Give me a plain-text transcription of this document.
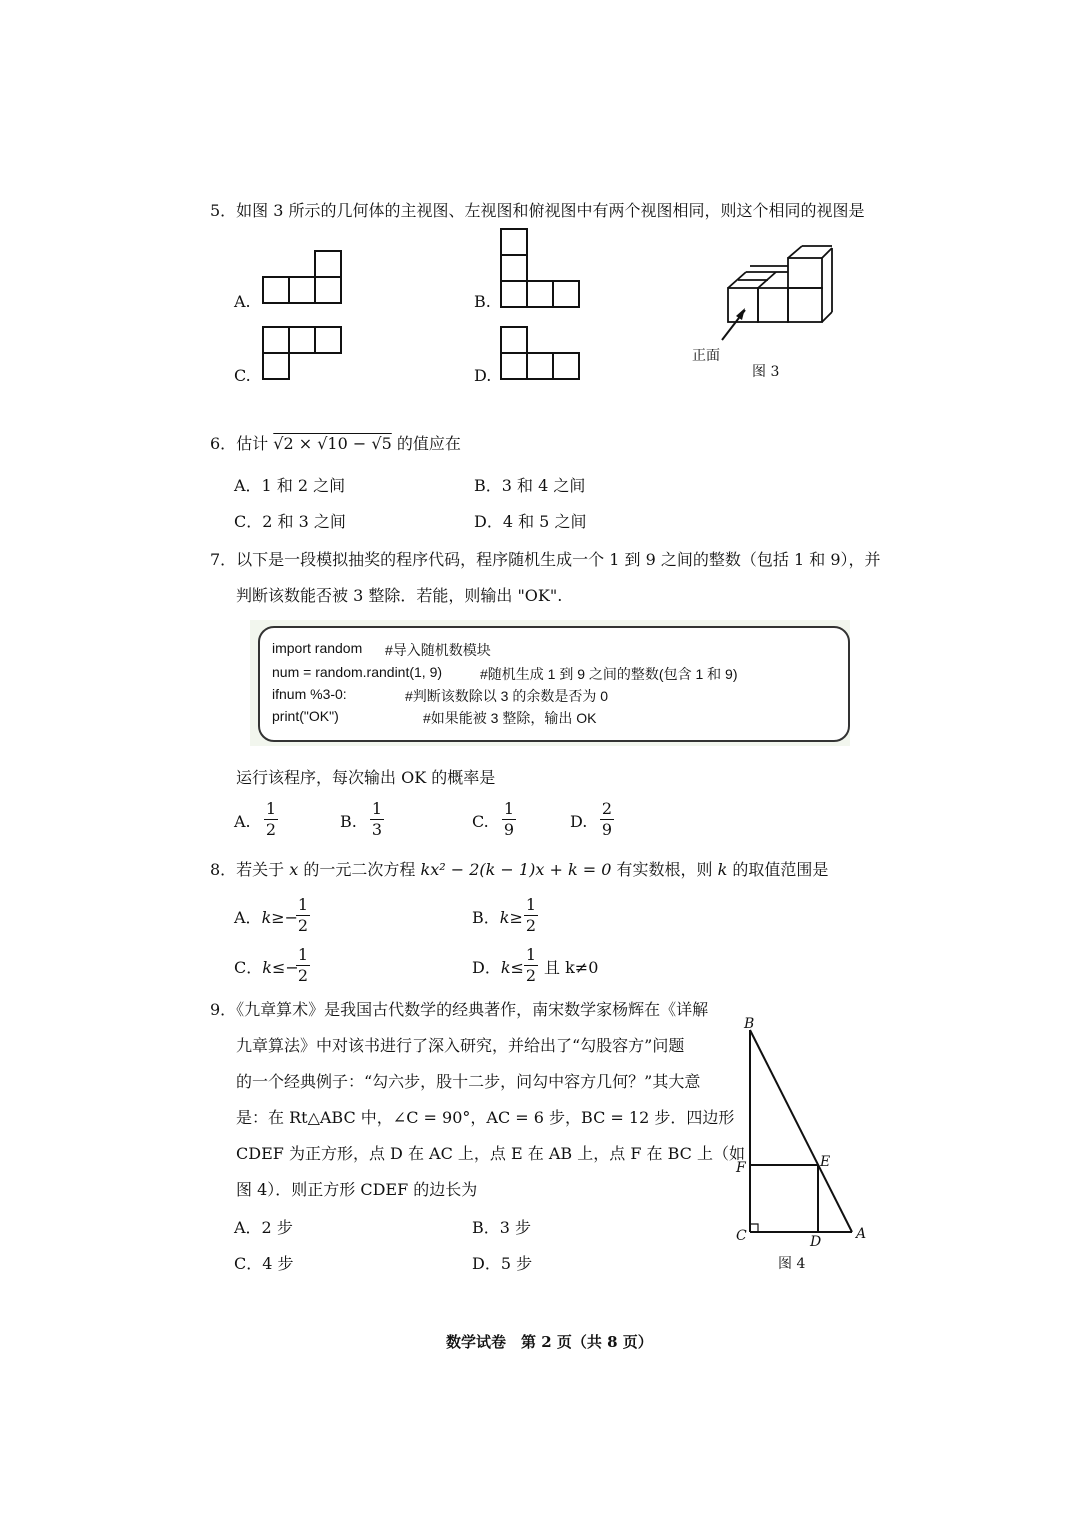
5．如图 3 所示的几何体的主视图、左视图和俯视图中有两个视图相同，则这个相同的视图是
A.	B.
C.	D.
正面
图 3
6．估计 √2 × √10 − √5 的值应在
A．1 和 2 之间	B．3 和 4 之间
C．2 和 3 之间	D．4 和 5 之间
7．以下是一段模拟抽奖的程序代码，程序随机生成一个 1 到 9 之间的整数（包括 1 和 9），并
判断该数能否被 3 整除．若能，则输出 "OK".
import random #导入随机数模块
num = random.randint(1, 9)	#随机生成 1 到 9 之间的整数(包含 1 和 9)
ifnum %3-0:	#判断该数除以 3 的余数是否为 0
print("OK")	#如果能被 3 整除，输出 OK
运行该程序，每次输出 OK 的概率是
A.
1
2	B.
1
3	C.
1
9	D.
2
9
8．若关于 x 的一元二次方程 kx² − 2(k − 1)x + k = 0 有实数根，则 k 的取值范围是
A．k≥−
1
2	B．k≥
1
2
C．k≤−
1
2	D．k≤
1
2 且 k≠0
9．《九章算术》是我国古代数学的经典著作，南宋数学家杨辉在《详解
九章算法》中对该书进行了深入研究，并给出了“勾股容方”问题
的一个经典例子：“勾六步，股十二步，问勾中容方几何？”其大意
是：在 Rt△ABC 中，∠C = 90°，AC = 6 步，BC = 12 步．四边形
CDEF 为正方形，点 D 在 AC 上，点 E 在 AB 上，点 F 在 BC 上（如
图 4）．则正方形 CDEF 的边长为
A．2 步	B．3 步
C．4 步	D．5 步
B
E
F
C	D A
图 4
数学试卷　第 2 页（共 8 页）
